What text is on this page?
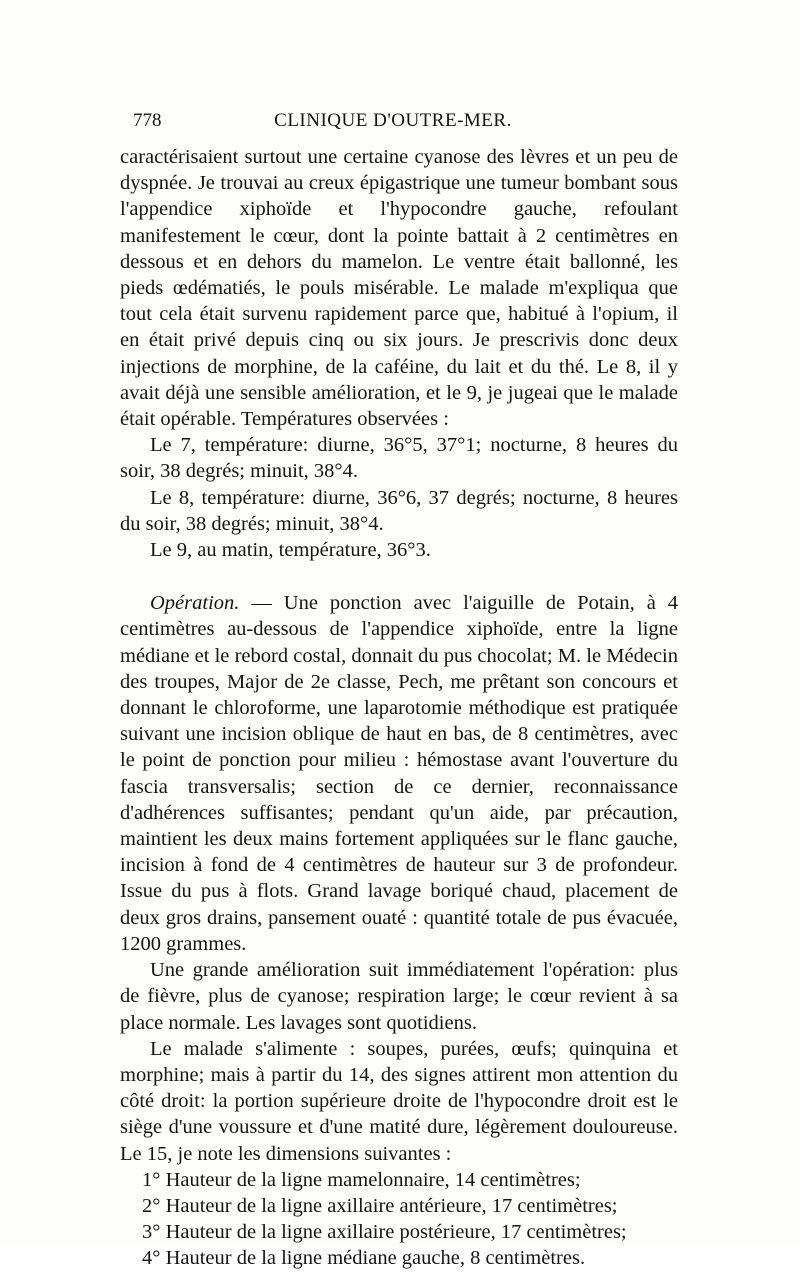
778	CLINIQUE D'OUTRE-MER.

caractérisaient surtout une certaine cyanose des lèvres et un peu de dyspnée. Je trouvai au creux épigastrique une tumeur bombant sous l'appendice xiphoïde et l'hypocondre gauche, refoulant manifestement le cœur, dont la pointe battait à 2 centimètres en dessous et en dehors du mamelon. Le ventre était ballonné, les pieds œdématiés, le pouls misérable. Le malade m'expliqua que tout cela était survenu rapidement parce que, habitué à l'opium, il en était privé depuis cinq ou six jours. Je prescrivis donc deux injections de morphine, de la caféine, du lait et du thé. Le 8, il y avait déjà une sensible amélioration, et le 9, je jugeai que le malade était opérable. Températures observées :

Le 7, température: diurne, 36°5, 37°1; nocturne, 8 heures du soir, 38 degrés; minuit, 38°4.

Le 8, température: diurne, 36°6, 37 degrés; nocturne, 8 heures du soir, 38 degrés; minuit, 38°4.

Le 9, au matin, température, 36°3.

Opération. — Une ponction avec l'aiguille de Potain, à 4 centimètres au-dessous de l'appendice xiphoïde, entre la ligne médiane et le rebord costal, donnait du pus chocolat; M. le Médecin des troupes, Major de 2e classe, Pech, me prêtant son concours et donnant le chloroforme, une laparotomie méthodique est pratiquée suivant une incision oblique de haut en bas, de 8 centimètres, avec le point de ponction pour milieu : hémostase avant l'ouverture du fascia transversalis; section de ce dernier, reconnaissance d'adhérences suffisantes; pendant qu'un aide, par précaution, maintient les deux mains fortement appliquées sur le flanc gauche, incision à fond de 4 centimètres de hauteur sur 3 de profondeur. Issue du pus à flots. Grand lavage boriqué chaud, placement de deux gros drains, pansement ouaté : quantité totale de pus évacuée, 1200 grammes.

Une grande amélioration suit immédiatement l'opération: plus de fièvre, plus de cyanose; respiration large; le cœur revient à sa place normale. Les lavages sont quotidiens.

Le malade s'alimente : soupes, purées, œufs; quinquina et morphine; mais à partir du 14, des signes attirent mon attention du côté droit: la portion supérieure droite de l'hypocondre droit est le siège d'une voussure et d'une matité dure, légèrement douloureuse. Le 15, je note les dimensions suivantes :

1° Hauteur de la ligne mamelonnaire, 14 centimètres;

2° Hauteur de la ligne axillaire antérieure, 17 centimètres;

3° Hauteur de la ligne axillaire postérieure, 17 centimètres;

4° Hauteur de la ligne médiane gauche, 8 centimètres.
